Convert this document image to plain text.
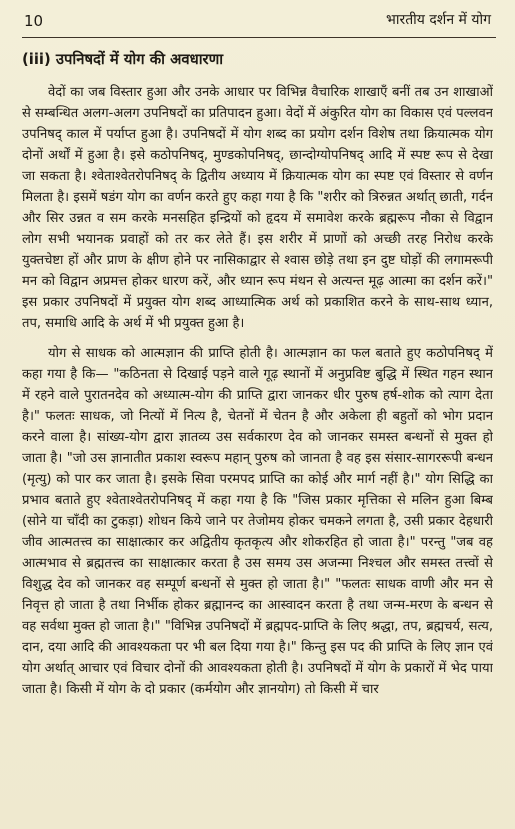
10	भारतीय दर्शन में योग
(iii) उपनिषदों में योग की अवधारणा

वेदों का जब विस्तार हुआ और उनके आधार पर विभिन्न वैचारिक शाखाएँ बनीं तब उन शाखाओं से सम्बन्धित अलग-अलग उपनिषदों का प्रतिपादन हुआ। वेदों में अंकुरित योग का विकास एवं पल्लवन उपनिषद् काल में पर्याप्त हुआ है। उपनिषदों में योग शब्द का प्रयोग दर्शन विशेष तथा क्रियात्मक योग दोनों अर्थों में हुआ है। इसे कठोपनिषद्, मुण्डकोपनिषद्, छान्दोग्योपनिषद् आदि में स्पष्ट रूप से देखा जा सकता है। श्वेताश्वेतरोपनिषद् के द्वितीय अध्याय में क्रियात्मक योग का स्पष्ट एवं विस्तार से वर्णन मिलता है। इसमें षडंग योग का वर्णन करते हुए कहा गया है कि "शरीर को त्रिरुन्नत अर्थात् छाती, गर्दन और सिर उन्नत व सम करके मनसहित इन्द्रियों को हृदय में समावेश करके ब्रह्मरूप नौका से विद्वान लोग सभी भयानक प्रवाहों को तर कर लेते हैं। इस शरीर में प्राणों को अच्छी तरह निरोध करके युक्तचेष्टा हों और प्राण के क्षीण होने पर नासिकाद्वार से श्वास छोड़े तथा इन दुष्ट घोड़ों की लगामरूपी मन को विद्वान अप्रमत्त होकर धारण करें, और ध्यान रूप मंथन से अत्यन्त मूढ़ आत्मा का दर्शन करें।" इस प्रकार उपनिषदों में प्रयुक्त योग शब्द आध्यात्मिक अर्थ को प्रकाशित करने के साथ-साथ ध्यान, तप, समाधि आदि के अर्थ में भी प्रयुक्त हुआ है।

योग से साधक को आत्मज्ञान की प्राप्ति होती है। आत्मज्ञान का फल बताते हुए कठोपनिषद् में कहा गया है कि— "कठिनता से दिखाई पड़ने वाले गूढ़ स्थानों में अनुप्रविष्ट बुद्धि में स्थित गहन स्थान में रहने वाले पुरातनदेव को अध्यात्म-योग की प्राप्ति द्वारा जानकर धीर पुरुष हर्ष-शोक को त्याग देता है।" फलतः साधक, जो नित्यों में नित्य है, चेतनों में चेतन है और अकेला ही बहुतों को भोग प्रदान करने वाला है। सांख्य-योग द्वारा ज्ञातव्य उस सर्वकारण देव को जानकर समस्त बन्धनों से मुक्त हो जाता है। "जो उस ज्ञानातीत प्रकाश स्वरूप महान् पुरुष को जानता है वह इस संसार-सागररूपी बन्धन (मृत्यु) को पार कर जाता है। इसके सिवा परमपद प्राप्ति का कोई और मार्ग नहीं है।" योग सिद्धि का प्रभाव बताते हुए श्वेताश्वेतरोपनिषद् में कहा गया है कि "जिस प्रकार मृत्तिका से मलिन हुआ बिम्ब (सोने या चाँदी का टुकड़ा) शोधन किये जाने पर तेजोमय होकर चमकने लगता है, उसी प्रकार देहधारी जीव आत्मतत्त्व का साक्षात्कार कर अद्वितीय कृतकृत्य और शोकरहित हो जाता है।" परन्तु "जब वह आत्मभाव से ब्रह्मतत्त्व का साक्षात्कार करता है उस समय उस अजन्मा निश्चल और समस्त तत्त्वों से विशुद्ध देव को जानकर वह सम्पूर्ण बन्धनों से मुक्त हो जाता है।" "फलतः साधक वाणी और मन से निवृत्त हो जाता है तथा निर्भीक होकर ब्रह्मानन्द का आस्वादन करता है तथा जन्म-मरण के बन्धन से वह सर्वथा मुक्त हो जाता है।" "विभिन्न उपनिषदों में ब्रह्मपद-प्राप्ति के लिए श्रद्धा, तप, ब्रह्मचर्य, सत्य, दान, दया आदि की आवश्यकता पर भी बल दिया गया है।" किन्तु इस पद की प्राप्ति के लिए ज्ञान एवं योग अर्थात् आचार एवं विचार दोनों की आवश्यकता होती है। उपनिषदों में योग के प्रकारों में भेद पाया जाता है। किसी में योग के दो प्रकार (कर्मयोग और ज्ञानयोग) तो किसी में चार
